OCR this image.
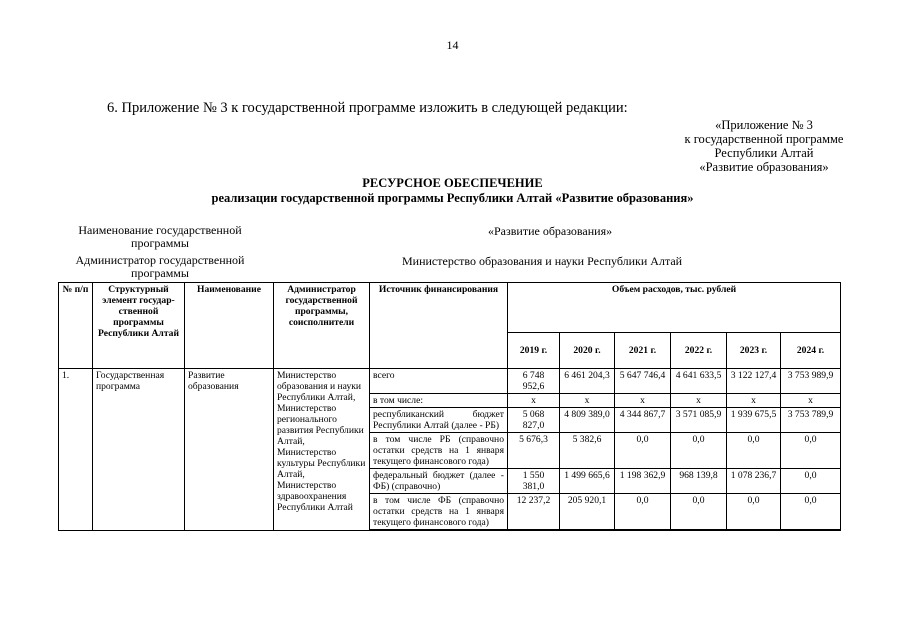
14
6. Приложение № 3 к государственной программе изложить в следующей редакции:
«Приложение № 3
к государственной программе
Республики Алтай
«Развитие образования»
РЕСУРСНОЕ ОБЕСПЕЧЕНИЕ
реализации государственной программы Республики Алтай «Развитие образования»
Наименование государственной программы
«Развитие образования»
Администратор государственной программы
Министерство образования и науки Республики Алтай
№ п/п	Структурный элемент государ-ственной программы Республики Алтай	Наименование	Администратор государственной программы, соисполнители	Источник финансирования	Объем расходов, тыс. рублей					
					2019 г.	2020 г.	2021 г.	2022 г.	2023 г.	2024 г.
1.	Государственная программа	Развитие образования	Министерство образования и науки Республики Алтай, Министерство регионального развития Республики Алтай, Министерство культуры Республики Алтай, Министерство здравоохранения Республики Алтай	всего	6 748 952,6	6 461 204,3	5 647 746,4	4 641 633,5	3 122 127,4	3 753 989,9
				в том числе:	х	х	х	х	х	х
				республиканский бюджет Республики Алтай (далее - РБ)	5 068 827,0	4 809 389,0	4 344 867,7	3 571 085,9	1 939 675,5	3 753 789,9
				в том числе РБ (справочно остатки средств на 1 января текущего финансового года)	5 676,3	5 382,6	0,0	0,0	0,0	0,0
				федеральный бюджет (далее - ФБ) (справочно)	1 550 381,0	1 499 665,6	1 198 362,9	968 139,8	1 078 236,7	0,0
				в том числе ФБ (справочно остатки средств на 1 января текущего финансового года)	12 237,2	205 920,1	0,0	0,0	0,0	0,0
